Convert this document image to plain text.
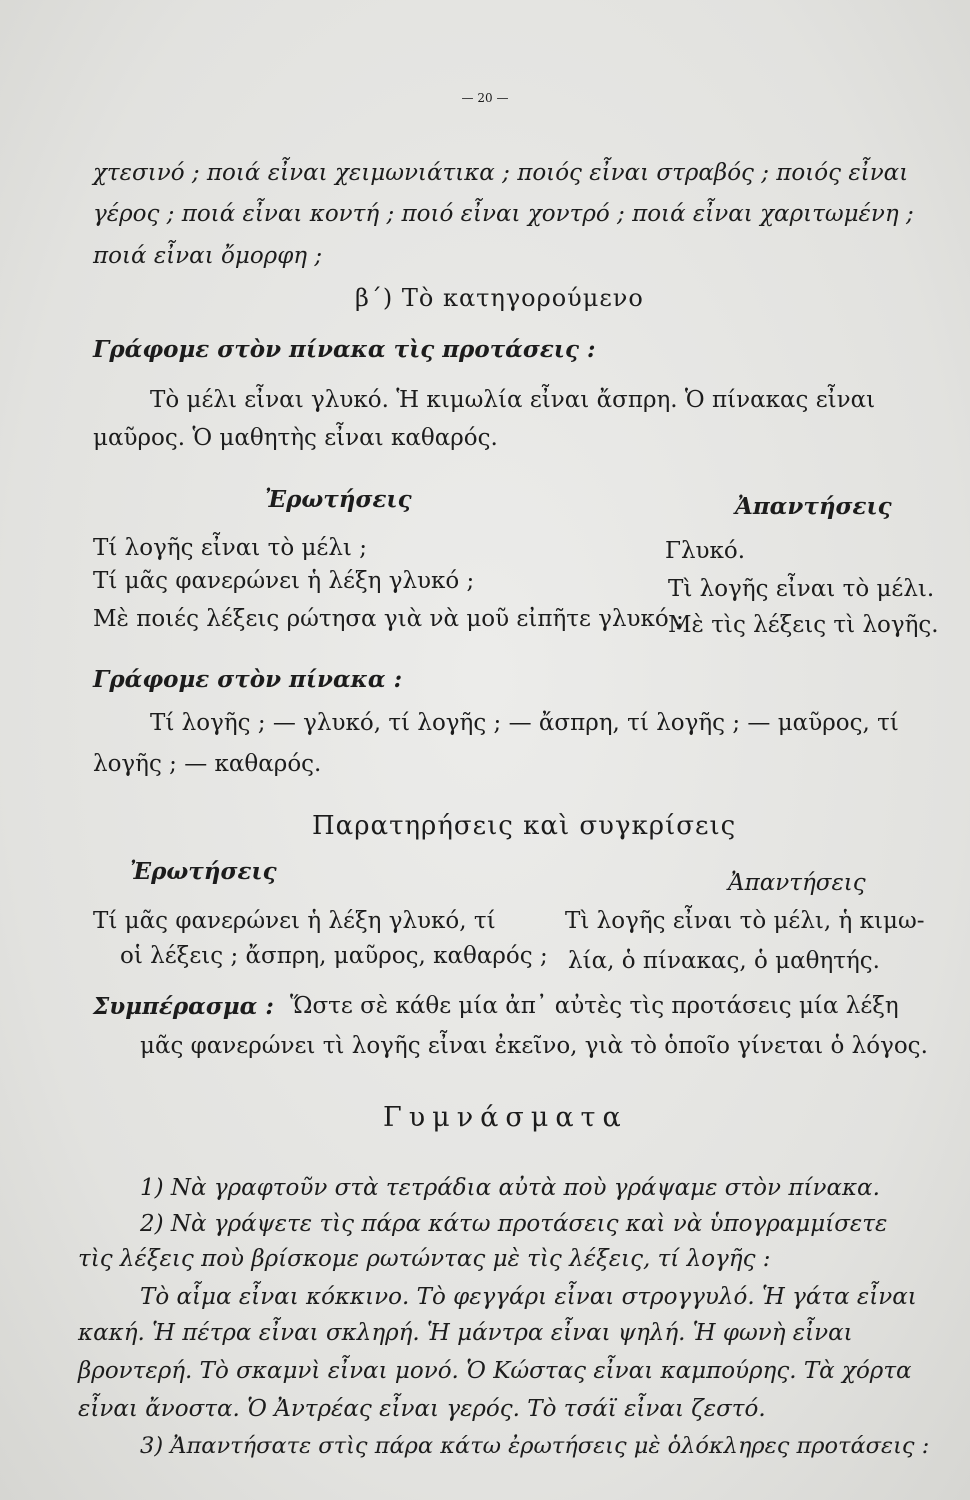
— 20 —
χτεσινό ; ποιά εἶναι χειμωνιάτικα ; ποιός εἶναι στραβός ; ποιός εἶναι
γέρος ; ποιά εἶναι κοντή ; ποιό εἶναι χοντρό ; ποιά εἶναι χαριτωμένη ;
ποιά εἶναι ὄμορφη ;
β΄) Τὸ κατηγορούμενο
Γράφομε στὸν πίνακα τὶς προτάσεις :
Τὸ μέλι εἶναι γλυκό. Ἡ κιμωλία εἶναι ἄσπρη. Ὁ πίνακας εἶναι
μαῦρος. Ὁ μαθητὴς εἶναι καθαρός.
Ἐρωτήσεις	Ἀπαντήσεις
Τί λογῆς εἶναι τὸ μέλι ;
Τί μᾶς φανερώνει ἡ λέξη γλυκό ;
Μὲ ποιές λέξεις ρώτησα γιὰ νὰ μοῦ εἰπῆτε γλυκό ;
Γλυκό.
Τὶ λογῆς εἶναι τὸ μέλι.
Μὲ τὶς λέξεις τὶ λογῆς.
Γράφομε στὸν πίνακα :
Τί λογῆς ; — γλυκό, τί λογῆς ; — ἄσπρη, τί λογῆς ; — μαῦρος, τί
λογῆς ; — καθαρός.
Παρατηρήσεις καὶ συγκρίσεις
Ἐρωτήσεις	Ἀπαντήσεις
Τί μᾶς φανερώνει ἡ λέξη γλυκό, τί
οἱ λέξεις ; ἄσπρη, μαῦρος, καθαρός ;
Τὶ λογῆς εἶναι τὸ μέλι, ἡ κιμω-
λία, ὁ πίνακας, ὁ μαθητής.
Συμπέρασμα : Ὥστε σὲ κάθε μία ἀπ᾽ αὐτὲς τὶς προτάσεις μία λέξη
μᾶς φανερώνει τὶ λογῆς εἶναι ἐκεῖνο, γιὰ τὸ ὁποῖο γίνεται ὁ λόγος.
Γυμνάσματα
1) Νὰ γραφτοῦν στὰ τετράδια αὐτὰ ποὺ γράψαμε στὸν πίνακα.
2) Νὰ γράψετε τὶς πάρα κάτω προτάσεις καὶ νὰ ὑπογραμμίσετε
τὶς λέξεις ποὺ βρίσκομε ρωτώντας μὲ τὶς λέξεις, τί λογῆς :
Τὸ αἷμα εἶναι κόκκινο. Τὸ φεγγάρι εἶναι στρογγυλό. Ἡ γάτα εἶναι
κακή. Ἡ πέτρα εἶναι σκληρή. Ἡ μάντρα εἶναι ψηλή. Ἡ φωνὴ εἶναι
βροντερή. Τὸ σκαμνὶ εἶναι μονό. Ὁ Κώστας εἶναι καμπούρης. Τὰ χόρτα
εἶναι ἄνοστα. Ὁ Ἀντρέας εἶναι γερός. Τὸ τσάϊ εἶναι ζεστό.
3) Ἀπαντήσατε στὶς πάρα κάτω ἐρωτήσεις μὲ ὁλόκληρες προτάσεις :
